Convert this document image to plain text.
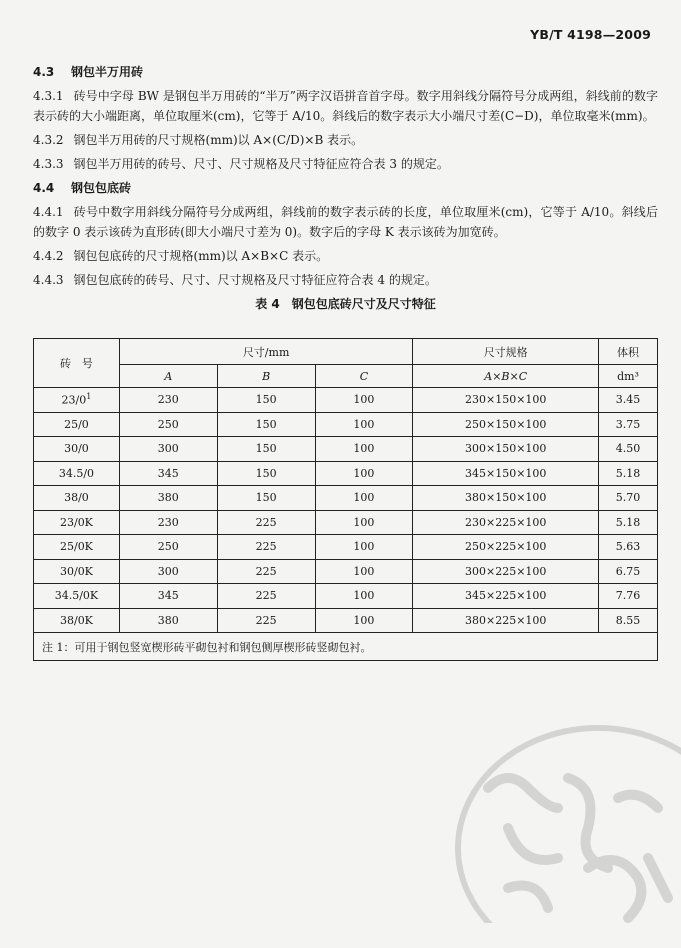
YB/T 4198—2009
4.3 钢包半万用砖
4.3.1 砖号中字母 BW 是钢包半万用砖的“半万”两字汉语拼音首字母。数字用斜线分隔符号分成两组，斜线前的数字表示砖的大小端距离，单位取厘米(cm)，它等于 A/10。斜线后的数字表示大小端尺寸差(C−D)，单位取毫米(mm)。
4.3.2 钢包半万用砖的尺寸规格(mm)以 A×(C/D)×B 表示。
4.3.3 钢包半万用砖的砖号、尺寸、尺寸规格及尺寸特征应符合表 3 的规定。
4.4 钢包包底砖
4.4.1 砖号中数字用斜线分隔符号分成两组，斜线前的数字表示砖的长度，单位取厘米(cm)，它等于 A/10。斜线后的数字 0 表示该砖为直形砖(即大小端尺寸差为 0)。数字后的字母 K 表示该砖为加宽砖。
4.4.2 钢包包底砖的尺寸规格(mm)以 A×B×C 表示。
4.4.3 钢包包底砖的砖号、尺寸、尺寸规格及尺寸特征应符合表 4 的规定。
表 4　钢包包底砖尺寸及尺寸特征
砖　号	尺寸/mm			尺寸规格	体积
	A	B	C	A×B×C	dm³
$23/0^1$	230	150	100	230×150×100	3.45
25/0	250	150	100	250×150×100	3.75
30/0	300	150	100	300×150×100	4.50
34.5/0	345	150	100	345×150×100	5.18
38/0	380	150	100	380×150×100	5.70
23/0K	230	225	100	230×225×100	5.18
25/0K	250	225	100	250×225×100	5.63
30/0K	300	225	100	300×225×100	6.75
34.5/0K	345	225	100	345×225×100	7.76
38/0K	380	225	100	380×225×100	8.55
注 1：可用于钢包竖宽楔形砖平砌包衬和钢包侧厚楔形砖竖砌包衬。					
